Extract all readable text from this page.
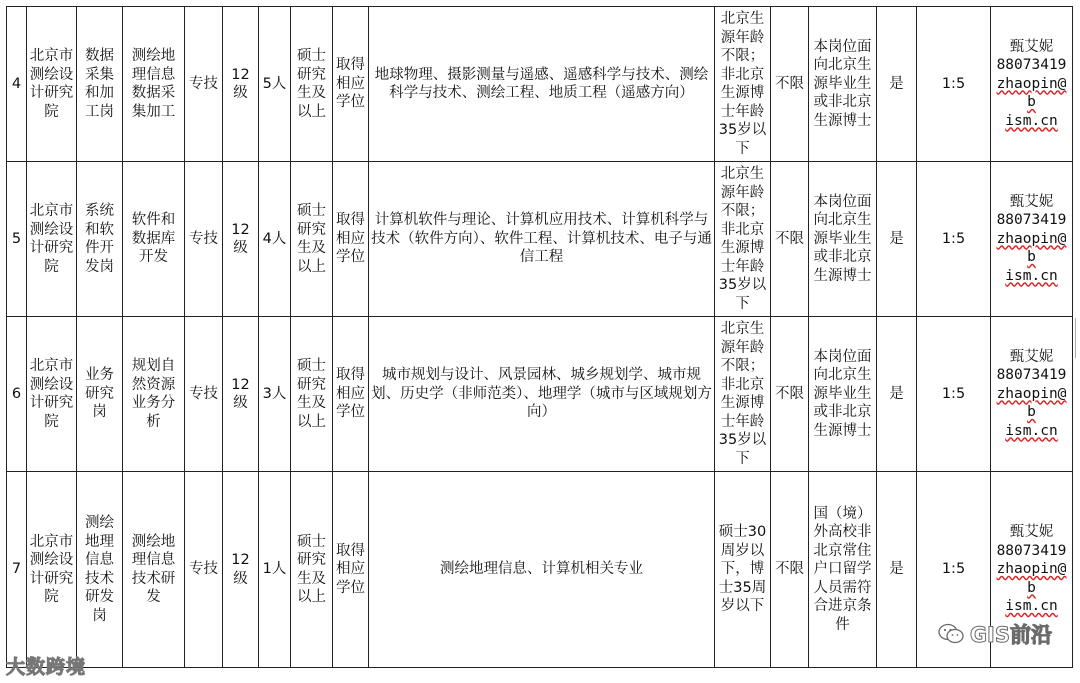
4	北京市测绘设计研究院	数据采集和加工岗	测绘地理信息数据采集加工	专技	12级	5人	硕士研究生及以上	取得相应学位	地球物理、摄影测量与遥感、遥感科学与技术、测绘科学与技术、测绘工程、地质工程（遥感方向）	北京生源年龄不限；非北京生源博士年龄35岁以下	不限	本岗位面向北京生源毕业生或非北京生源博士	是	1:5	甄艾妮
88073419
zhaopin@b
ism.cn

5	北京市测绘设计研究院	系统和软件开发岗	软件和数据库开发	专技	12级	4人	硕士研究生及以上	取得相应学位	计算机软件与理论、计算机应用技术、计算机科学与技术（软件方向）、软件工程、计算机技术、电子与通信工程	北京生源年龄不限；非北京生源博士年龄35岁以下	不限	本岗位面向北京生源毕业生或非北京生源博士	是	1:5	甄艾妮
88073419
zhaopin@b
ism.cn

6	北京市测绘设计研究院	业务研究岗	规划自然资源业务分析	专技	12级	3人	硕士研究生及以上	取得相应学位	城市规划与设计、风景园林、城乡规划学、城市规划、历史学（非师范类）、地理学（城市与区域规划方向）	北京生源年龄不限；非北京生源博士年龄35岁以下	不限	本岗位面向北京生源毕业生或非北京生源博士	是	1:5	甄艾妮
88073419
zhaopin@b
ism.cn

7	北京市测绘设计研究院	测绘地理信息技术研发岗	测绘地理信息技术研发	专技	12级	1人	硕士研究生及以上	取得相应学位	测绘地理信息、计算机相关专业	硕士30周岁以下，博士35周岁以下	不限	国（境）外高校非北京常住户口留学人员需符合进京条件	是	1:5	甄艾妮
88073419
zhaopin@b
ism.cn
大数跨境
GIS前沿
